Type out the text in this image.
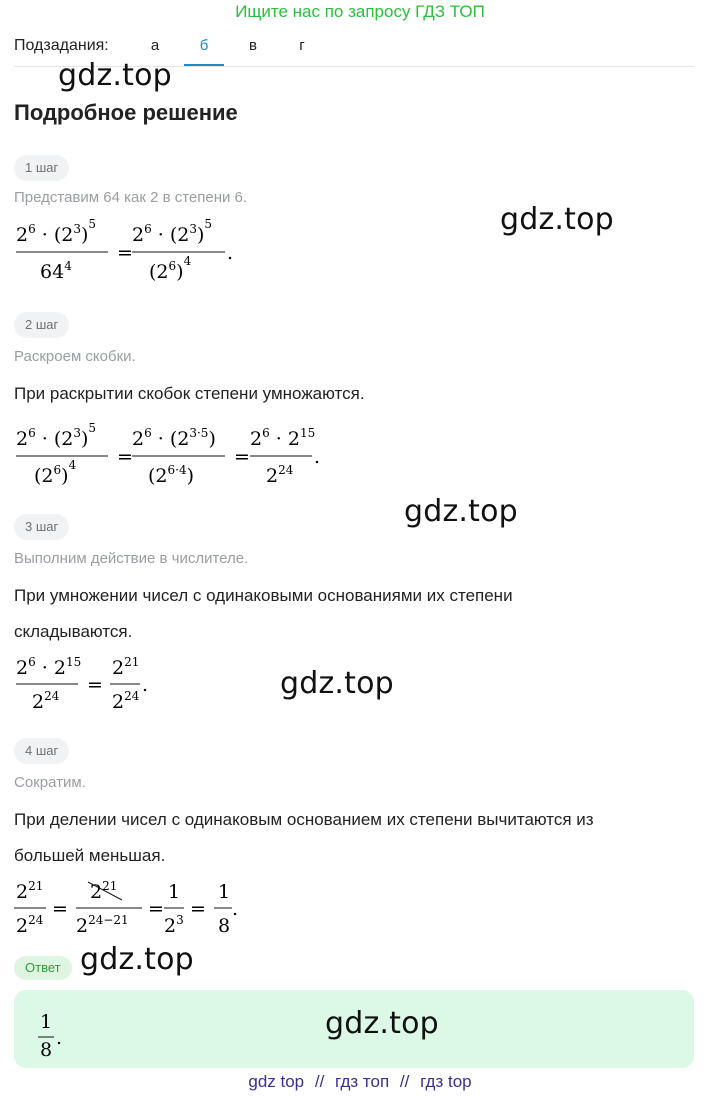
Ищите нас по запросу ГДЗ ТОП
Подзадания:	а	б	в	г
gdz.top
Подробное решение
1 шаг
Представим 64 как 2 в степени 6.
gdz.top
$2^6 \cdot (2^3)^5$
$64^4$
=
$2^6 \cdot (2^3)^5$
$(2^6)^4$ .
2 шаг
Раскроем скобки.
При раскрытии скобок степени умножаются.
$2^6 \cdot (2^3)^5$
$(2^6)^4$ =
$2^6 \cdot (2^{3\cdot 5})$
$(2^{6\cdot 4})$
=
$2^6 \cdot 2^{15}$
$2^{24}$
.
gdz.top
3 шаг
Выполним действие в числителе.
При умножении чисел с одинаковыми основаниями их степени
складываются.
$2^6 \cdot 2^{15}$
$2^{24}$ =
$2^{21}$
$2^{24}$ .	gdz.top
4 шаг
Сократим.
При делении чисел с одинаковым основанием их степени вычитаются из
большей меньшая.
$2^{21}$
$2^{24}$ =
$2^{21}$
$2^{24-21}$ =
1
$2^3$ =
1
8
.
Ответ gdz.top
1
8
.	gdz.top
gdz top // гдз топ // гдз top
